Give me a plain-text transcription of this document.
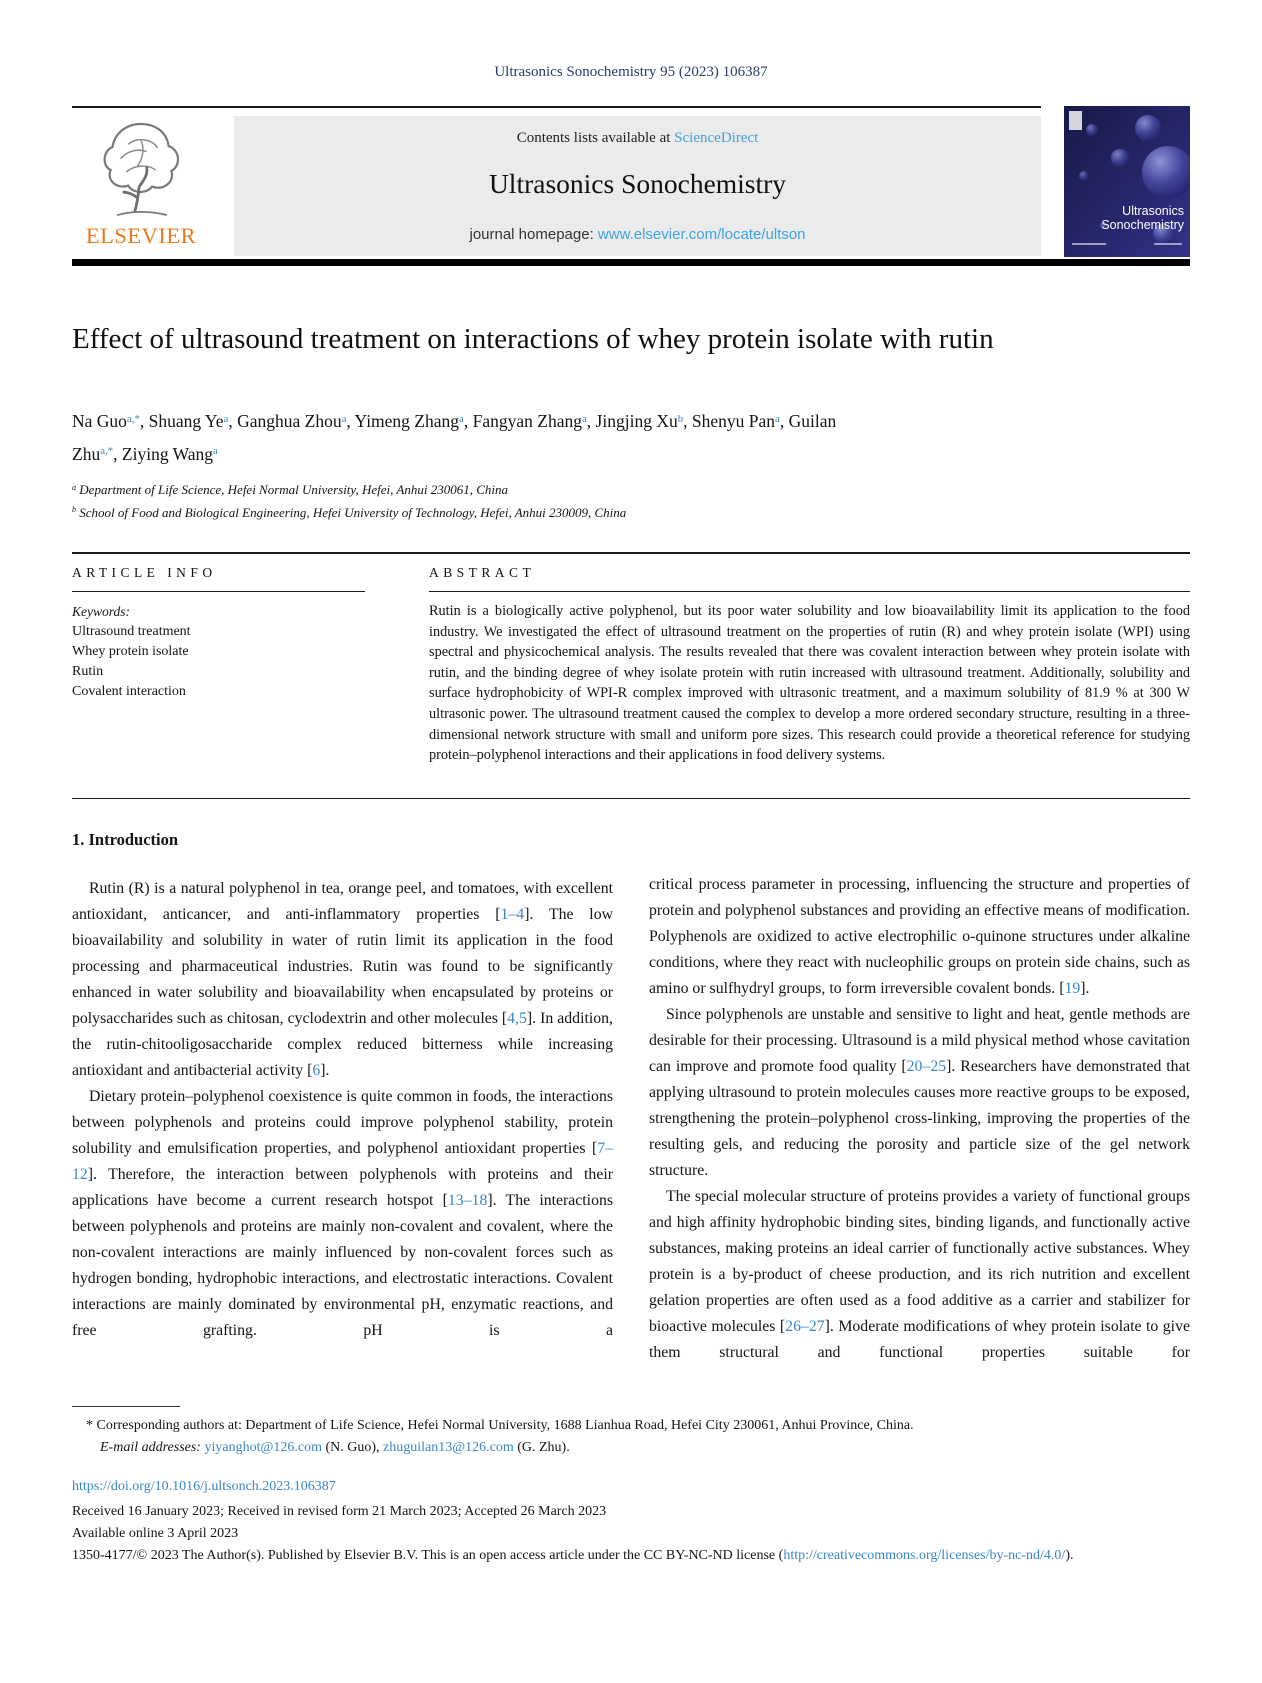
Ultrasonics Sonochemistry 95 (2023) 106387
ELSEVIER
Contents lists available at ScienceDirect
Ultrasonics Sonochemistry
journal homepage: www.elsevier.com/locate/ultson
Ultrasonics
Sonochemistry
Effect of ultrasound treatment on interactions of whey protein isolate with rutin
Na Guo$^{a,*}$, Shuang Ye$^a$, Ganghua Zhou$^a$, Yimeng Zhang$^a$, Fangyan Zhang$^a$, Jingjing Xu$^b$, Shenyu Pan$^a$, Guilan Zhu$^{a,*}$, Ziying Wang$^a$
$^a$ Department of Life Science, Hefei Normal University, Hefei, Anhui 230061, China
$^b$ School of Food and Biological Engineering, Hefei University of Technology, Hefei, Anhui 230009, China
ARTICLE INFO	ABSTRACT
Keywords:
Ultrasound treatment
Whey protein isolate
Rutin
Covalent interaction
Rutin is a biologically active polyphenol, but its poor water solubility and low bioavailability limit its application to the food industry. We investigated the effect of ultrasound treatment on the properties of rutin (R) and whey protein isolate (WPI) using spectral and physicochemical analysis. The results revealed that there was covalent interaction between whey protein isolate with rutin, and the binding degree of whey isolate protein with rutin increased with ultrasound treatment. Additionally, solubility and surface hydrophobicity of WPI-R complex improved with ultrasonic treatment, and a maximum solubility of 81.9 % at 300 W ultrasonic power. The ultrasound treatment caused the complex to develop a more ordered secondary structure, resulting in a three-dimensional network structure with small and uniform pore sizes. This research could provide a theoretical reference for studying protein–polyphenol interactions and their applications in food delivery systems.
1. Introduction

Rutin (R) is a natural polyphenol in tea, orange peel, and tomatoes, with excellent antioxidant, anticancer, and anti-inflammatory properties [1–4]. The low bioavailability and solubility in water of rutin limit its application in the food processing and pharmaceutical industries. Rutin was found to be significantly enhanced in water solubility and bioavailability when encapsulated by proteins or polysaccharides such as chitosan, cyclodextrin and other molecules [4,5]. In addition, the rutin-chitooligosaccharide complex reduced bitterness while increasing antioxidant and antibacterial activity [6].

Dietary protein–polyphenol coexistence is quite common in foods, the interactions between polyphenols and proteins could improve polyphenol stability, protein solubility and emulsification properties, and polyphenol antioxidant properties [7–12]. Therefore, the interaction between polyphenols with proteins and their applications have become a current research hotspot [13–18]. The interactions between polyphenols and proteins are mainly non-covalent and covalent, where the non-covalent interactions are mainly influenced by non-covalent forces such as hydrogen bonding, hydrophobic interactions, and electrostatic interactions. Covalent interactions are mainly dominated by environmental pH, enzymatic reactions, and free grafting. pH is a

critical process parameter in processing, influencing the structure and properties of protein and polyphenol substances and providing an effective means of modification. Polyphenols are oxidized to active electrophilic o-quinone structures under alkaline conditions, where they react with nucleophilic groups on protein side chains, such as amino or sulfhydryl groups, to form irreversible covalent bonds. [19].

Since polyphenols are unstable and sensitive to light and heat, gentle methods are desirable for their processing. Ultrasound is a mild physical method whose cavitation can improve and promote food quality [20–25]. Researchers have demonstrated that applying ultrasound to protein molecules causes more reactive groups to be exposed, strengthening the protein–polyphenol cross-linking, improving the properties of the resulting gels, and reducing the porosity and particle size of the gel network structure.

The special molecular structure of proteins provides a variety of functional groups and high affinity hydrophobic binding sites, binding ligands, and functionally active substances, making proteins an ideal carrier of functionally active substances. Whey protein is a by-product of cheese production, and its rich nutrition and excellent gelation properties are often used as a food additive as a carrier and stabilizer for bioactive molecules [26–27]. Moderate modifications of whey protein isolate to give them structural and functional properties suitable for

* Corresponding authors at: Department of Life Science, Hefei Normal University, 1688 Lianhua Road, Hefei City 230061, Anhui Province, China.
E-mail addresses: yiyanghot@126.com (N. Guo), zhuguilan13@126.com (G. Zhu).
https://doi.org/10.1016/j.ultsonch.2023.106387
Received 16 January 2023; Received in revised form 21 March 2023; Accepted 26 March 2023
Available online 3 April 2023
1350-4177/© 2023 The Author(s). Published by Elsevier B.V. This is an open access article under the CC BY-NC-ND license (http://creativecommons.org/licenses/by-nc-nd/4.0/).
